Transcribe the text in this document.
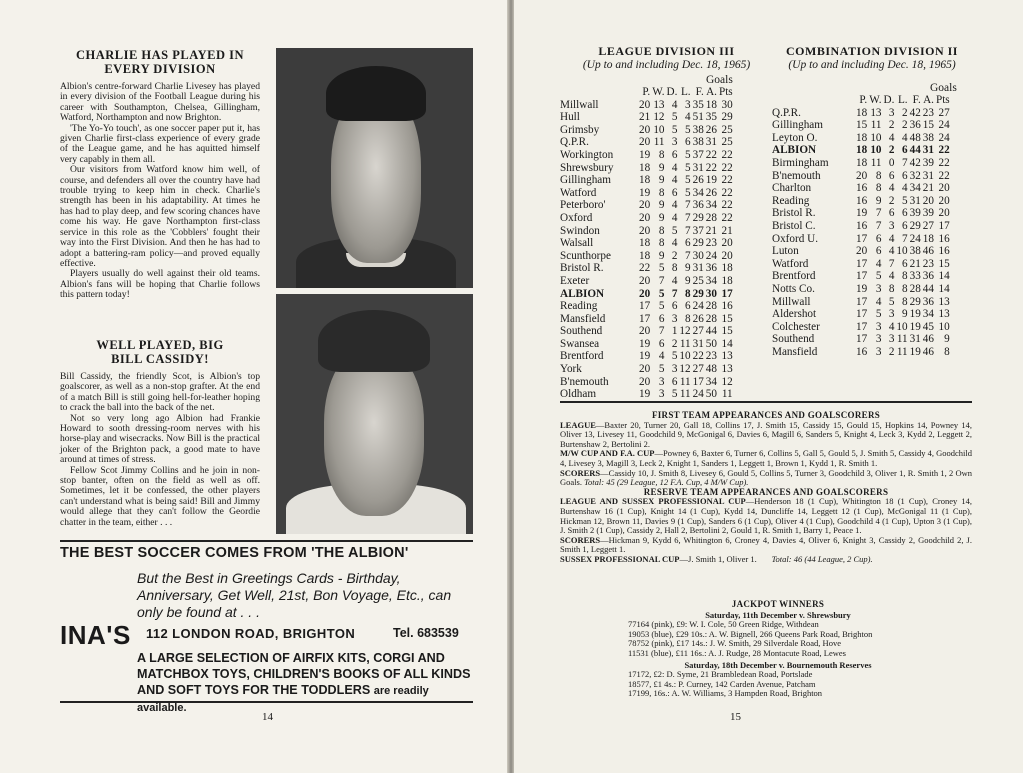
CHARLIE HAS PLAYED IN EVERY DIVISION

Albion's centre-forward Charlie Livesey has played in every division of the Football League during his career with Southampton, Chelsea, Gillingham, Watford, Northampton and now Brighton.

'The Yo-Yo touch', as one soccer paper put it, has given Charlie first-class experience of every grade of the League game, and he has aquitted himself very capably in them all.

Our visitors from Watford know him well, of course, and defenders all over the country have had trouble trying to keep him in check. Charlie's strength has been in his adaptability. At times he has had to play deep, and few scoring chances have come his way. He gave Northampton first-class service in this role as the 'Cobblers' fought their way into the First Division. And then he has had to adopt a battering-ram policy—and proved equally effective.

Players usually do well against their old teams. Albion's fans will be hoping that Charlie follows this pattern today!

WELL PLAYED, BIG BILL CASSIDY!

Bill Cassidy, the friendly Scot, is Albion's top goalscorer, as well as a non-stop grafter. At the end of a match Bill is still going hell-for-leather hoping to crack the ball into the back of the net.

Not so very long ago Albion had Frankie Howard to sooth dressing-room nerves with his horse-play and wisecracks. Now Bill is the practical joker of the Brighton pack, a good mate to have around at times of stress.

Fellow Scot Jimmy Collins and he join in non-stop banter, often on the field as well as off. Sometimes, let it be confessed, the other players can't understand what is being said! Bill and Jimmy would allege that they can't follow the Geordie chatter in the team, either . . .

THE BEST SOCCER COMES FROM 'THE ALBION'
But the Best in Greetings Cards - Birthday, Anniversary, Get Well, 21st, Bon Voyage, Etc., can only be found at . . .
INA'S 112 LONDON ROAD, BRIGHTON	Tel. 683539
A LARGE SELECTION OF AIRFIX KITS, CORGI AND MATCHBOX TOYS, CHILDREN'S BOOKS OF ALL KINDS AND SOFT TOYS FOR THE TODDLERS are readily available.
14
LEAGUE DIVISION III
(Up to and including Dec. 18, 1965)
Goals
	P.	W.	D.	L.	F.	A.	Pts
Millwall	20	13	4	3	35	18	30
Hull	21	12	5	4	51	35	29
Grimsby	20	10	5	5	38	26	25
Q.P.R.	20	11	3	6	38	31	25
Workington	19	8	6	5	37	22	22
Shrewsbury	18	9	4	5	31	22	22
Gillingham	18	9	4	5	26	19	22
Watford	19	8	6	5	34	26	22
Peterboro'	20	9	4	7	36	34	22
Oxford	20	9	4	7	29	28	22
Swindon	20	8	5	7	37	21	21
Walsall	18	8	4	6	29	23	20
Scunthorpe	18	9	2	7	30	24	20
Bristol R.	22	5	8	9	31	36	18
Exeter	20	7	4	9	25	34	18
ALBION	20	5	7	8	29	30	17
Reading	17	5	6	6	24	28	16
Mansfield	17	6	3	8	26	28	15
Southend	20	7	1	12	27	44	15
Swansea	19	6	2	11	31	50	14
Brentford	19	4	5	10	22	23	13
York	20	5	3	12	27	48	13
B'nemouth	20	3	6	11	17	34	12
Oldham	19	3	5	11	24	50	11
COMBINATION DIVISION II
(Up to and including Dec. 18, 1965)
Goals
	P.	W.	D.	L.	F.	A.	Pts
Q.P.R.	18	13	3	2	42	23	27
Gillingham	15	11	2	2	36	15	24
Leyton O.	18	10	4	4	48	38	24
ALBION	18	10	2	6	44	31	22
Birmingham	18	11	0	7	42	39	22
B'nemouth	20	8	6	6	32	31	22
Charlton	16	8	4	4	34	21	20
Reading	16	9	2	5	31	20	20
Bristol R.	19	7	6	6	39	39	20
Bristol C.	16	7	3	6	29	27	17
Oxford U.	17	6	4	7	24	18	16
Luton	20	6	4	10	38	46	16
Watford	17	4	7	6	21	23	15
Brentford	17	5	4	8	33	36	14
Notts Co.	19	3	8	8	28	44	14
Millwall	17	4	5	8	29	36	13
Aldershot	17	5	3	9	19	34	13
Colchester	17	3	4	10	19	45	10
Southend	17	3	3	11	31	46	9
Mansfield	16	3	2	11	19	46	8
FIRST TEAM APPEARANCES AND GOALSCORERS

LEAGUE—Baxter 20, Turner 20, Gall 18, Collins 17, J. Smith 15, Cassidy 15, Gould 15, Hopkins 14, Powney 14, Oliver 13, Livesey 11, Goodchild 9, McGonigal 6, Davies 6, Magill 6, Sanders 5, Knight 4, Leck 3, Kydd 2, Leggett 2, Burtenshaw 2, Bertolini 2.

M/W CUP AND F.A. CUP—Powney 6, Baxter 6, Turner 6, Collins 5, Gall 5, Gould 5, J. Smith 5, Cassidy 4, Goodchild 4, Livesey 3, Magill 3, Leck 2, Knight 1, Sanders 1, Leggett 1, Brown 1, Kydd 1, R. Smith 1.

SCORERS—Cassidy 10, J. Smith 8, Livesey 6, Gould 5, Collins 5, Turner 3, Goodchild 3, Oliver 1, R. Smith 1, 2 Own Goals. Total: 45 (29 League, 12 F.A. Cup, 4 M/W Cup).

RESERVE TEAM APPEARANCES AND GOALSCORERS

LEAGUE AND SUSSEX PROFESSIONAL CUP—Henderson 18 (1 Cup), Whitington 18 (1 Cup), Croney 14, Burtenshaw 16 (1 Cup), Knight 14 (1 Cup), Kydd 14, Duncliffe 14, Leggett 12 (1 Cup), McGonigal 11 (1 Cup), Hickman 12, Brown 11, Davies 9 (1 Cup), Sanders 6 (1 Cup), Oliver 4 (1 Cup), Goodchild 4 (1 Cup), Upton 3 (1 Cup), J. Smith 2 (1 Cup), Cassidy 2, Hall 2, Bertolini 2, Gould 1, R. Smith 1, Barry 1, Peace 1.

SCORERS—Hickman 9, Kydd 6, Whitington 6, Croney 4, Davies 4, Oliver 6, Knight 3, Cassidy 2, Goodchild 2, J. Smith 1, Leggett 1.

SUSSEX PROFESSIONAL CUP—J. Smith 1, Oliver 1. Total: 46 (44 League, 2 Cup).

JACKPOT WINNERS
Saturday, 11th December v. Shrewsbury
77164 (pink), £9: W. I. Cole, 50 Green Ridge, Withdean
19053 (blue), £29 10s.: A. W. Bignell, 266 Queens Park Road, Brighton
78752 (pink), £17 14s.: J. W. Smith, 29 Silverdale Road, Hove
11531 (blue), £11 16s.: A. J. Rudge, 28 Montacute Road, Lewes
Saturday, 18th December v. Bournemouth Reserves
17172, £2: D. Syme, 21 Brambledean Road, Portslade
18577, £1 4s.: P. Curney, 142 Carden Avenue, Patcham
17199, 16s.: A. W. Williams, 3 Hampden Road, Brighton
15
